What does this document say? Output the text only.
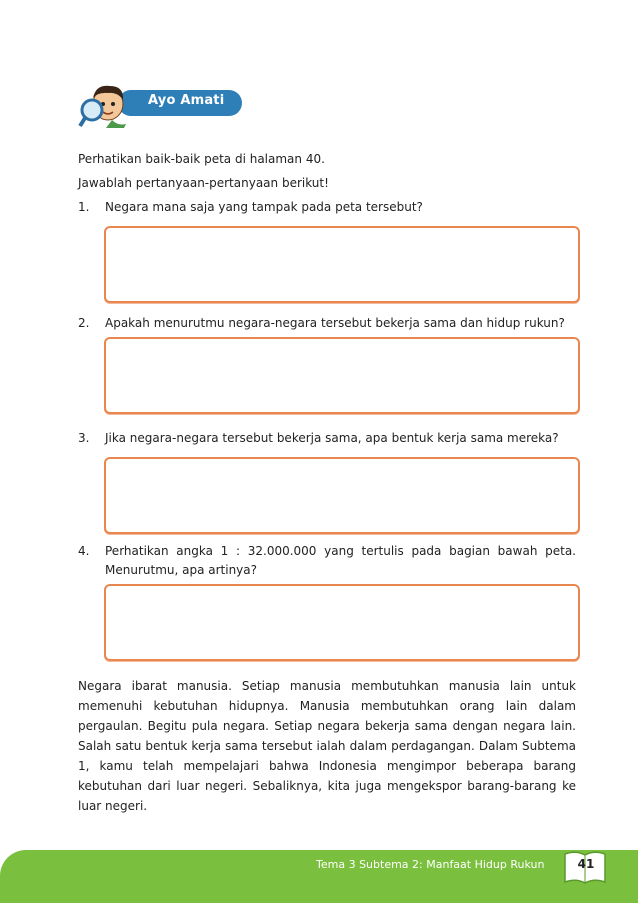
Ayo Amati
Perhatikan baik-baik peta di halaman 40.
Jawablah pertanyaan-pertanyaan berikut!
1. Negara mana saja yang tampak pada peta tersebut?
2. Apakah menurutmu negara-negara tersebut bekerja sama dan hidup rukun?
3. Jika negara-negara tersebut bekerja sama, apa bentuk kerja sama mereka?
4. Perhatikan angka 1 : 32.000.000 yang tertulis pada bagian bawah peta. Menurutmu, apa artinya?
Negara ibarat manusia. Setiap manusia membutuhkan manusia lain untuk memenuhi kebutuhan hidupnya. Manusia membutuhkan orang lain dalam pergaulan. Begitu pula negara. Setiap negara bekerja sama dengan negara lain. Salah satu bentuk kerja sama tersebut ialah dalam perdagangan. Dalam Subtema 1, kamu telah mempelajari bahwa Indonesia mengimpor beberapa barang kebutuhan dari luar negeri. Sebaliknya, kita juga mengekspor barang-barang ke luar negeri.
Tema 3 Subtema 2: Manfaat Hidup Rukun	41
